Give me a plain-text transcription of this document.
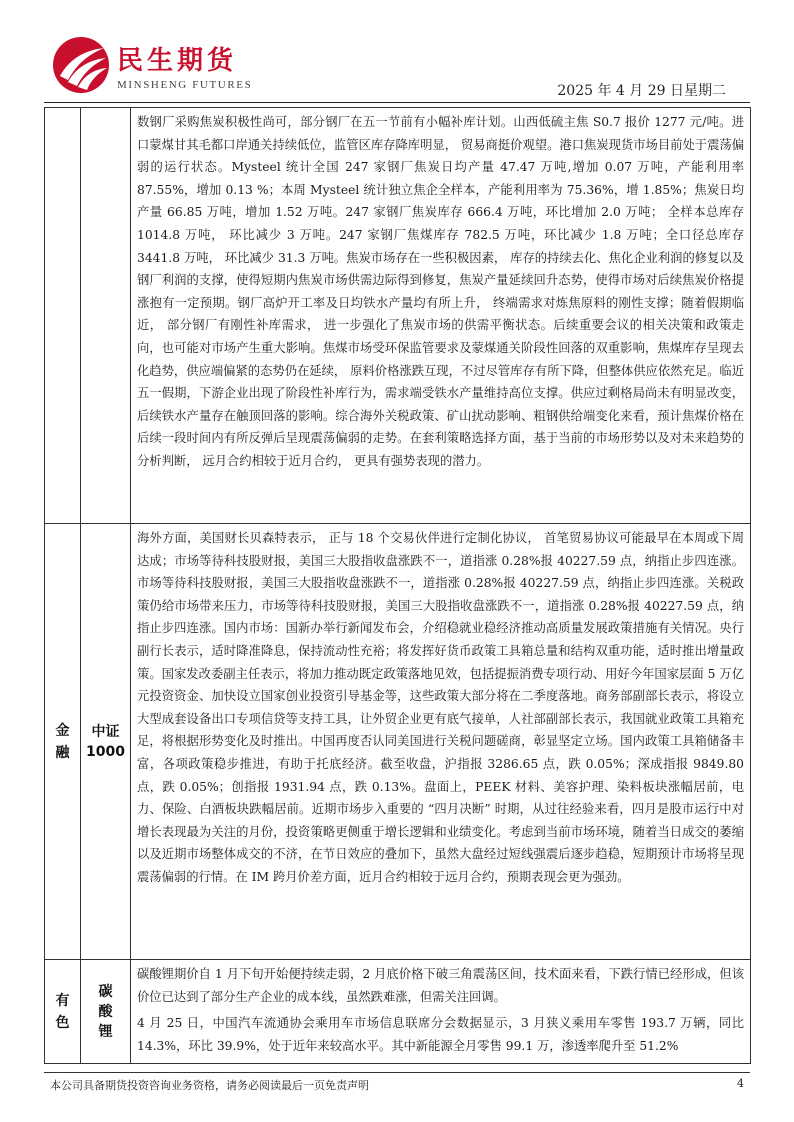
民生期货
MINSHENG FUTURES	2025 年 4 月 29 日星期二

		数钢厂采购焦炭积极性尚可，部分钢厂在五一节前有小幅补库计划。山西低硫主焦 S0.7 报价 1277 元/吨。进口蒙煤甘其毛都口岸通关持续低位，监管区库存降库明显， 贸易商挺价观望。港口焦炭现货市场目前处于震荡偏弱的运行状态。Mysteel 统计全国 247 家钢厂焦炭日均产量 47.47 万吨,增加 0.07 万吨，产能利用率 87.55%，增加 0.13 %；本周 Mysteel 统计独立焦企全样本，产能利用率为 75.36%，增 1.85%；焦炭日均产量 66.85 万吨，增加 1.52 万吨。247 家钢厂焦炭库存 666.4 万吨，环比增加 2.0 万吨； 全样本总库存 1014.8 万吨， 环比减少 3 万吨。247 家钢厂焦煤库存 782.5 万吨，环比减少 1.8 万吨；全口径总库存 3441.8 万吨， 环比减少 31.3 万吨。焦炭市场存在一些积极因素， 库存的持续去化、焦化企业利润的修复以及钢厂利润的支撑，使得短期内焦炭市场供需边际得到修复，焦炭产量延续回升态势，使得市场对后续焦炭价格提涨抱有一定预期。钢厂高炉开工率及日均铁水产量均有所上升， 终端需求对炼焦原料的刚性支撑；随着假期临近， 部分钢厂有刚性补库需求， 进一步强化了焦炭市场的供需平衡状态。后续重要会议的相关决策和政策走向，也可能对市场产生重大影响。焦煤市场受环保监管要求及蒙煤通关阶段性回落的双重影响，焦煤库存呈现去化趋势，供应端偏紧的态势仍在延续， 原料价格涨跌互现，不过尽管库存有所下降，但整体供应依然充足。临近五一假期，下游企业出现了阶段性补库行为，需求端受铁水产量维持高位支撑。供应过剩格局尚未有明显改变，后续铁水产量存在触顶回落的影响。综合海外关税政策、矿山扰动影响、粗钢供给端变化来看，预计焦煤价格在后续一段时间内有所反弹后呈现震荡偏弱的走势。在套利策略选择方面，基于当前的市场形势以及对未来趋势的分析判断， 远月合约相较于近月合约， 更具有强势表现的潜力。

金融	中证1000	海外方面，美国财长贝森特表示， 正与 18 个交易伙伴进行定制化协议， 首笔贸易协议可能最早在本周或下周达成；市场等待科技股财报，美国三大股指收盘涨跌不一，道指涨 0.28%报 40227.59 点，纳指止步四连涨。市场等待科技股财报，美国三大股指收盘涨跌不一，道指涨 0.28%报 40227.59 点，纳指止步四连涨。关税政策仍给市场带来压力，市场等待科技股财报，美国三大股指收盘涨跌不一，道指涨 0.28%报 40227.59 点，纳指止步四连涨。国内市场：国新办举行新闻发布会，介绍稳就业稳经济推动高质量发展政策措施有关情况。央行副行长表示，适时降准降息，保持流动性充裕；将发挥好货币政策工具箱总量和结构双重功能，适时推出增量政策。国家发改委副主任表示，将加力推动既定政策落地见效，包括提振消费专项行动、用好今年国家层面 5 万亿元投资资金、加快设立国家创业投资引导基金等，这些政策大部分将在二季度落地。商务部副部长表示，将设立大型成套设备出口专项信贷等支持工具，让外贸企业更有底气接单，人社部副部长表示，我国就业政策工具箱充足，将根据形势变化及时推出。中国再度否认同美国进行关税问题磋商，彰显坚定立场。国内政策工具箱储备丰富，各项政策稳步推进，有助于托底经济。截至收盘，沪指报 3286.65 点，跌 0.05%；深成指报 9849.80 点，跌 0.05%；创指报 1931.94 点，跌 0.13%。盘面上，PEEK 材料、美容护理、染料板块涨幅居前，电力、保险、白酒板块跌幅居前。近期市场步入重要的 “四月决断” 时期，从过往经验来看，四月是股市运行中对增长表现最为关注的月份，投资策略更侧重于增长逻辑和业绩变化。考虑到当前市场环境，随着当日成交的萎缩以及近期市场整体成交的不济，在节日效应的叠加下，虽然大盘经过短线强震后逐步趋稳，短期预计市场将呈现震荡偏弱的行情。在 IM 跨月价差方面，近月合约相较于远月合约，预期表现会更为强劲。

有色	碳酸锂	碳酸锂期价自 1 月下旬开始便持续走弱，2 月底价格下破三角震荡区间，技术面来看，下跌行情已经形成，但该价位已达到了部分生产企业的成本线，虽然跌难涨，但需关注回调。

4 月 25 日，中国汽车流通协会乘用车市场信息联席分会数据显示，3 月狭义乘用车零售 193.7 万辆，同比 14.3%，环比 39.9%，处于近年来较高水平。其中新能源全月零售 99.1 万，渗透率爬升至 51.2%

本公司具备期货投资咨询业务资格，请务必阅读最后一页免责声明	4
